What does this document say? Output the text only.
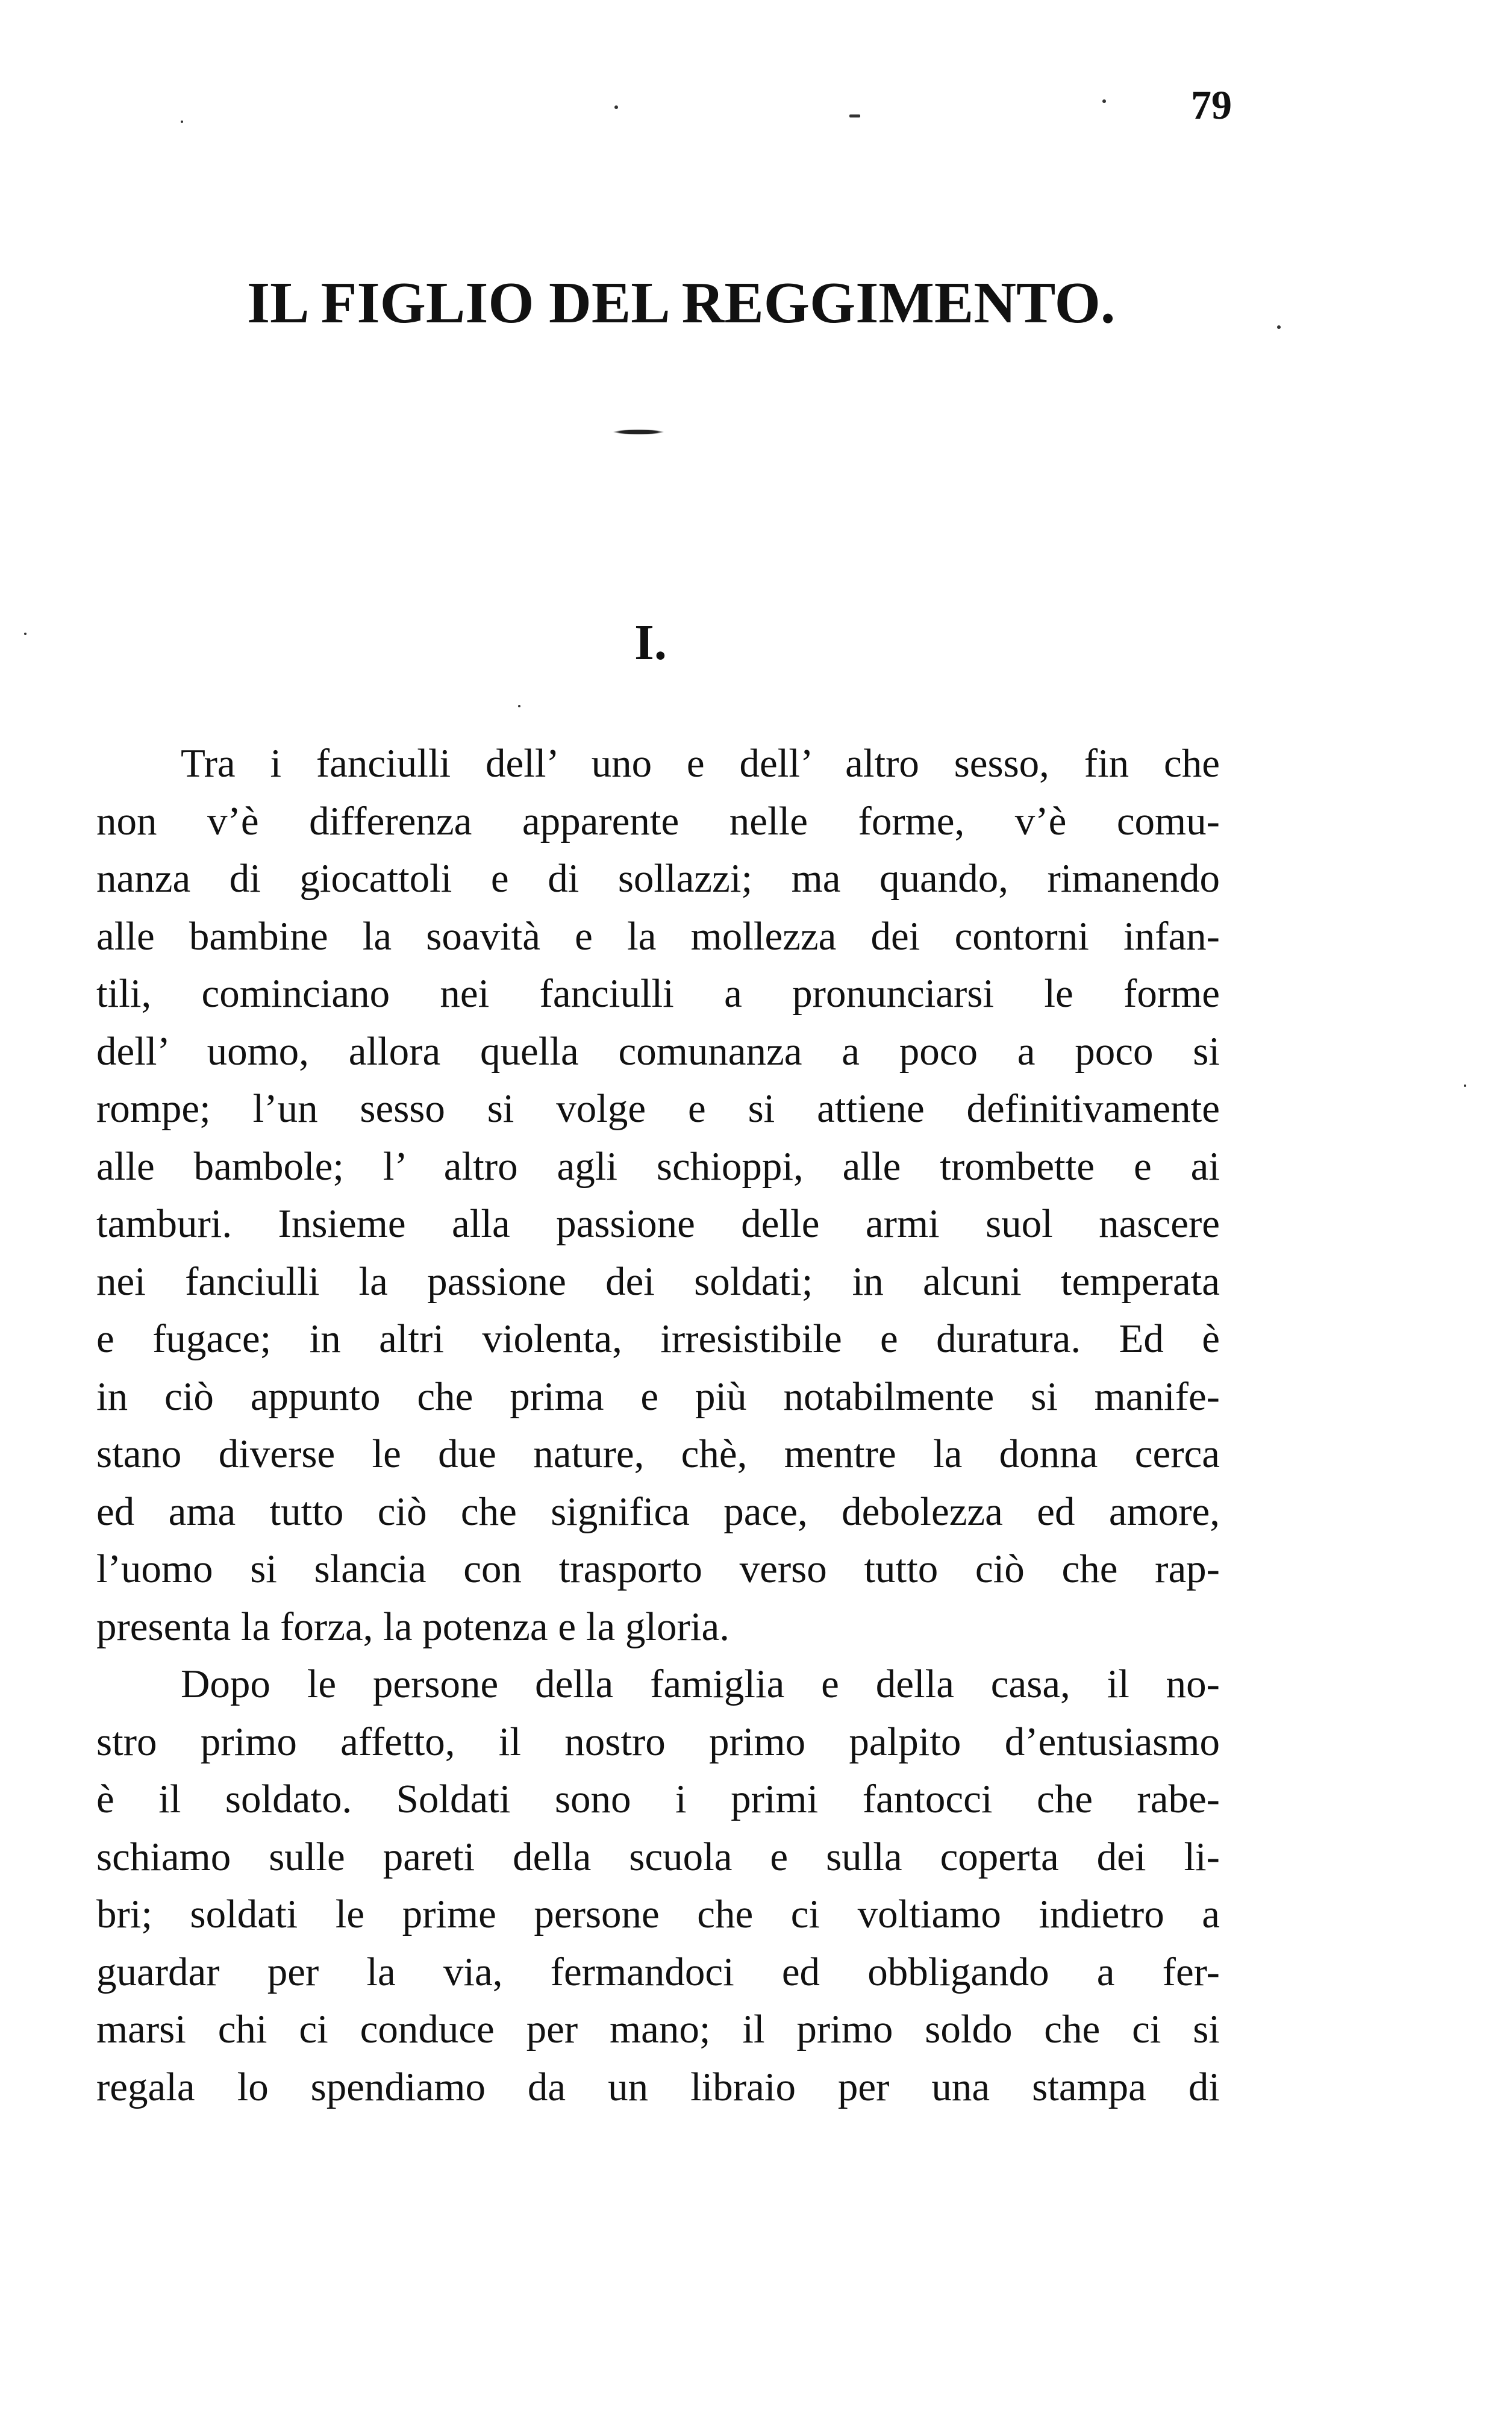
79
IL FIGLIO DEL REGGIMENTO.
I.

Tra i fanciulli dell’ uno e dell’ altro sesso, fin che
non v’è differenza apparente nelle forme, v’è comu-
nanza di giocattoli e di sollazzi; ma quando, rimanendo
alle bambine la soavità e la mollezza dei contorni infan-
tili, cominciano nei fanciulli a pronunciarsi le forme
dell’ uomo, allora quella comunanza a poco a poco si
rompe; l’un sesso si volge e si attiene definitivamente
alle bambole; l’ altro agli schioppi, alle trombette e ai
tamburi. Insieme alla passione delle armi suol nascere
nei fanciulli la passione dei soldati; in alcuni temperata
e fugace; in altri violenta, irresistibile e duratura. Ed è
in ciò appunto che prima e più notabilmente si manife-
stano diverse le due nature, chè, mentre la donna cerca
ed ama tutto ciò che significa pace, debolezza ed amore,
l’uomo si slancia con trasporto verso tutto ciò che rap-
presenta la forza, la potenza e la gloria.

Dopo le persone della famiglia e della casa, il no-
stro primo affetto, il nostro primo palpito d’entusiasmo
è il soldato. Soldati sono i primi fantocci che rabe-
schiamo sulle pareti della scuola e sulla coperta dei li-
bri; soldati le prime persone che ci voltiamo indietro a
guardar per la via, fermandoci ed obbligando a fer-
marsi chi ci conduce per mano; il primo soldo che ci si
regala lo spendiamo da un libraio per una stampa di
